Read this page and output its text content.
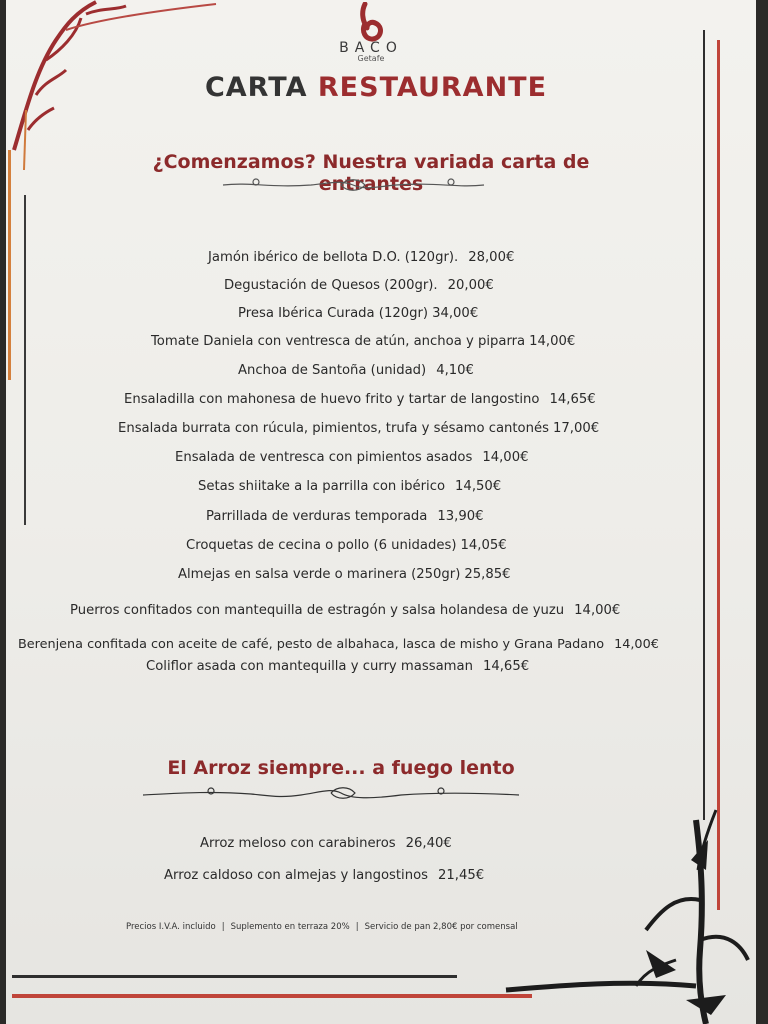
BACO
Getafe
CARTA RESTAURANTE
¿Comenzamos? Nuestra variada carta de entrantes
Jamón ibérico de bellota D.O. (120gr). 28,00€
Degustación de Quesos (200gr). 20,00€
Presa Ibérica Curada (120gr) 34,00€
Tomate Daniela con ventresca de atún, anchoa y piparra 14,00€
Anchoa de Santoña (unidad) 4,10€
Ensaladilla con mahonesa de huevo frito y tartar de langostino 14,65€
Ensalada burrata con rúcula, pimientos, trufa y sésamo cantonés 17,00€
Ensalada de ventresca con pimientos asados 14,00€
Setas shiitake a la parrilla con ibérico 14,50€
Parrillada de verduras temporada 13,90€
Croquetas de cecina o pollo (6 unidades) 14,05€
Almejas en salsa verde o marinera (250gr) 25,85€
Puerros confitados con mantequilla de estragón y salsa holandesa de yuzu 14,00€
Berenjena confitada con aceite de café, pesto de albahaca, lasca de misho y Grana Padano 14,00€
Coliflor asada con mantequilla y curry massaman 14,65€
El Arroz siempre... a fuego lento
Arroz meloso con carabineros 26,40€
Arroz caldoso con almejas y langostinos 21,45€
Precios I.V.A. incluido | Suplemento en terraza 20% | Servicio de pan 2,80€ por comensal
